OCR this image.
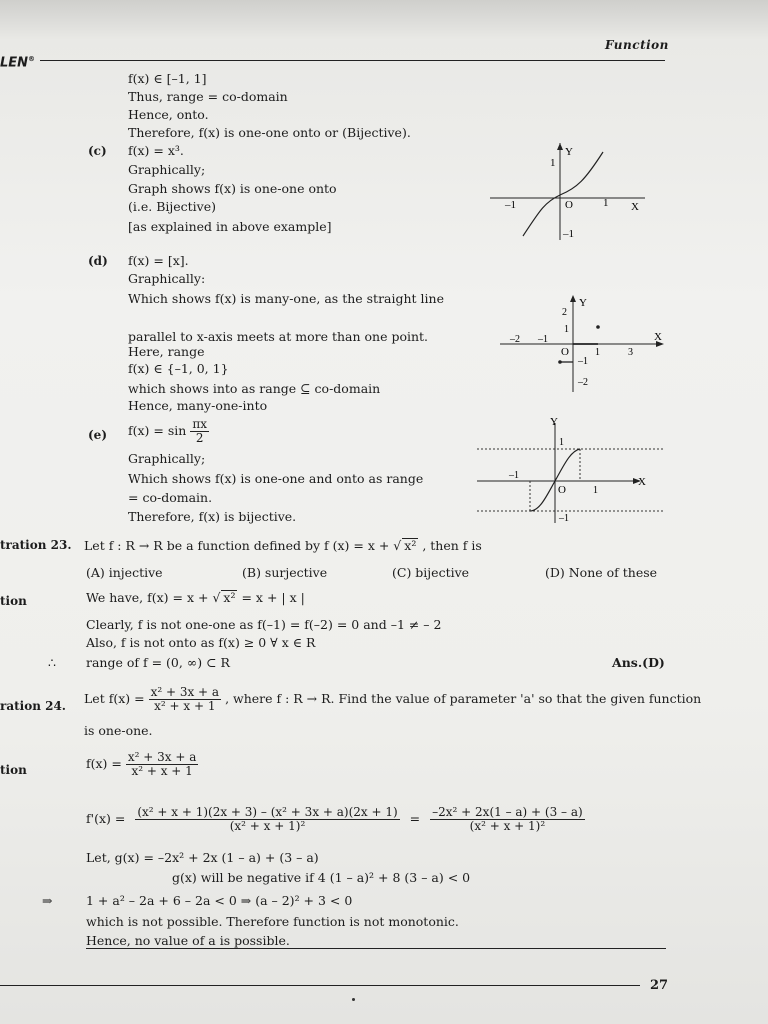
LEN®
Function
f(x) ∈ [–1, 1]
Thus, range = co-domain
Hence, onto.
Therefore, f(x) is one-one onto or (Bijective).
(c) f(x) = x³.
Graphically;
Graph shows f(x) is one-one onto
(i.e. Bijective)
[as explained in above example]
Y
X
O
1
–1
–1	1
(d) f(x) = [x].
Graphically:
Which shows f(x) is many-one, as the straight line
parallel to x-axis meets at more than one point.
Here, range
f(x) ∈ {–1, 0, 1}
which shows into as range ⊆ co-domain
Hence, many-one-into
Y
X
O
2
1
–1
–2
–2 –1
1	3
(e) $f(x) = \sin \frac{\pi x}{2}$
Graphically;
Which shows f(x) is one-one and onto as range
= co-domain.
Therefore, f(x) is bijective.
Y
X
O
1
–1
–1
1
tration 23. Let f : R → R be a function defined by f (x) = x + √ x² , then f is
(A) injective	(B) surjective	(C) bijective	(D) None of these
tion	We have, f(x) = x + √ x² = x + | x |
Clearly, f is not one-one as f(–1) = f(–2) = 0 and –1 ≠ – 2
Also, f is not onto as f(x) ≥ 0 ∀ x ∈ R
∴ range of f = (0, ∞) ⊂ R	Ans.(D)
ration 24. Let $f(x) = \frac{\text{x² + 3x + a}}{\text{x² + x + 1}}$ , where f : R → R. Find the value of parameter 'a' so that the given function
is one-one.
tion	$f(x) = \frac{\text{x² + 3x + a}}{\text{x² + x + 1}}$
$f'(x) = \frac{\text{(x² + x + 1)(2x + 3) – (x² + 3x + a)(2x + 1)}}{\text{(x² + x + 1)²}} = \frac{\text{–2x² + 2x(1 – a) + (3 – a)}}{\text{(x² + x + 1)²}}$
Let, g(x) = –2x² + 2x (1 – a) + (3 – a)
g(x) will be negative if 4 (1 – a)² + 8 (3 – a) < 0
⇒	1 + a² – 2a + 6 – 2a < 0 ⇒ (a – 2)² + 3 < 0
which is not possible. Therefore function is not monotonic.
Hence, no value of a is possible.
27
